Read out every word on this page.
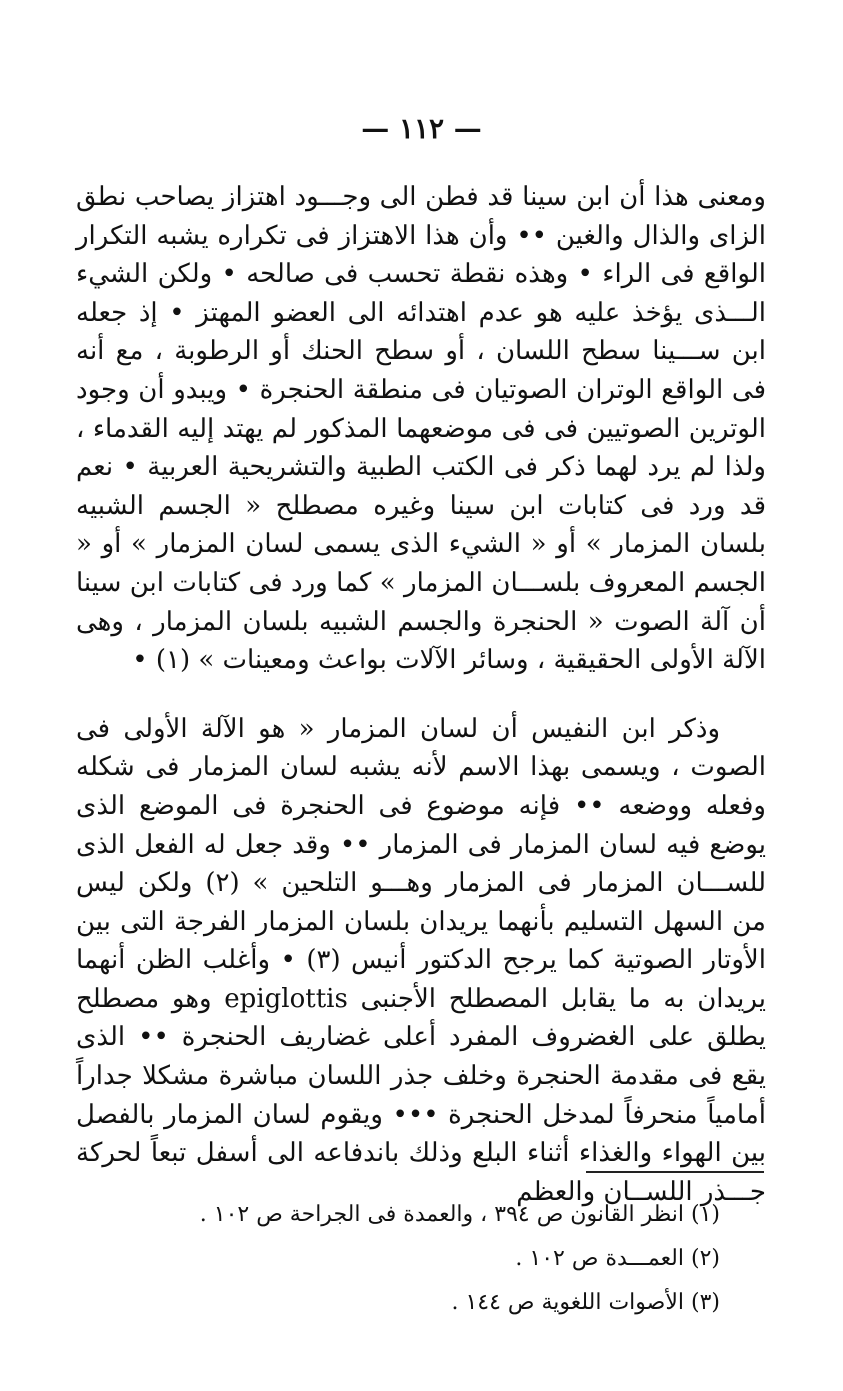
— ١١٢ —

ومعنى هذا أن ابن سينا قد فطن الى وجـــود اهتزاز يصاحب نطق الزاى والذال والغين •• وأن هذا الاهتزاز فى تكراره يشبه التكرار الواقع فى الراء • وهذه نقطة تحسب فى صالحه • ولكن الشيء الـــذى يؤخذ عليه هو عدم اهتدائه الى العضو المهتز • إذ جعله ابن ســـينا سطح اللسان ، أو سطح الحنك أو الرطوبة ، مع أنه فى الواقع الوتران الصوتيان فى منطقة الحنجرة • ويبدو أن وجود الوترين الصوتيين فى فى موضعهما المذكور لم يهتد إليه القدماء ، ولذا لم يرد لهما ذكر فى الكتب الطبية والتشريحية العربية • نعم قد ورد فى كتابات ابن سينا وغيره مصطلح « الجسم الشبيه بلسان المزمار » أو « الشيء الذى يسمى لسان المزمار » أو « الجسم المعروف بلســـان المزمار » كما ورد فى كتابات ابن سينا أن آلة الصوت « الحنجرة والجسم الشبيه بلسان المزمار ، وهى الآلة الأولى الحقيقية ، وسائر الآلات بواعث ومعينات » (١) •

وذكر ابن النفيس أن لسان المزمار « هو الآلة الأولى فى الصوت ، ويسمى بهذا الاسم لأنه يشبه لسان المزمار فى شكله وفعله ووضعه •• فإنه موضوع فى الحنجرة فى الموضع الذى يوضع فيه لسان المزمار فى المزمار •• وقد جعل له الفعل الذى للســـان المزمار فى المزمار وهـــو التلحين » (٢) ولكن ليس من السهل التسليم بأنهما يريدان بلسان المزمار الفرجة التى بين الأوتار الصوتية كما يرجح الدكتور أنيس (٣) • وأغلب الظن أنهما يريدان به ما يقابل المصطلح الأجنبى epiglottis وهو مصطلح يطلق على الغضروف المفرد أعلى غضاريف الحنجرة •• الذى يقع فى مقدمة الحنجرة وخلف جذر اللسان مباشرة مشكلا جداراً أمامياً منحرفاً لمدخل الحنجرة ••• ويقوم لسان المزمار بالفصل بين الهواء والغذاء أثناء البلع وذلك باندفاعه الى أسفل تبعاً لحركة جـــذر اللســان والعظم

(١) انظر القانون ص ٣٩٤ ، والعمدة فى الجراحة ص ١٠٢ .
(٢) العمـــدة ص ١٠٢ .
(٣) الأصوات اللغوية ص ١٤٤ .
